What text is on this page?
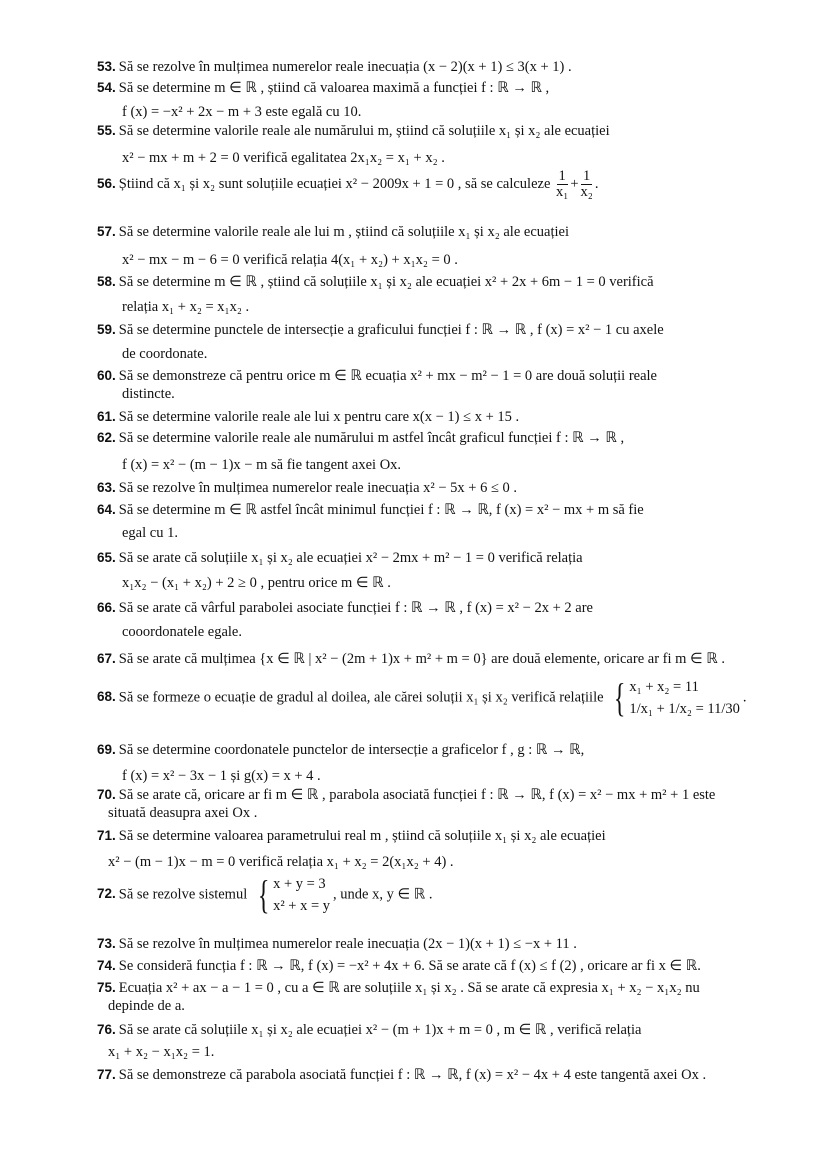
53. Să se rezolve în mulțimea numerelor reale inecuația (x − 2)(x + 1) ≤ 3(x + 1) .
54. Să se determine m ∈ ℝ , știind că valoarea maximă a funcției f : ℝ → ℝ ,
f (x) = −x² + 2x − m + 3 este egală cu 10.
55. Să se determine valorile reale ale numărului m, știind că soluțiile x₁ și x₂ ale ecuației
x² − mx + m + 2 = 0 verifică egalitatea 2x₁x₂ = x₁ + x₂ .
56. Știind că x₁ și x₂ sunt soluțiile ecuației x² − 2009x + 1 = 0 , să se calculeze $\frac{1}{\text{x₁}} + \frac{1}{\text{x₂}}$ .
57. Să se determine valorile reale ale lui m , știind că soluțiile x₁ și x₂ ale ecuației
x² − mx − m − 6 = 0 verifică relația 4(x₁ + x₂) + x₁x₂ = 0 .
58. Să se determine m ∈ ℝ , știind că soluțiile x₁ și x₂ ale ecuației x² + 2x + 6m − 1 = 0 verifică
relația x₁ + x₂ = x₁x₂ .
59. Să se determine punctele de intersecție a graficului funcției f : ℝ → ℝ , f (x) = x² − 1 cu axele
de coordonate.
60. Să se demonstreze că pentru orice m ∈ ℝ ecuația x² + mx − m² − 1 = 0 are două soluții reale
distincte.
61. Să se determine valorile reale ale lui x pentru care x(x − 1) ≤ x + 15 .
62. Să se determine valorile reale ale numărului m astfel încât graficul funcției f : ℝ → ℝ ,
f (x) = x² − (m − 1)x − m să fie tangent axei Ox.
63. Să se rezolve în mulțimea numerelor reale inecuația x² − 5x + 6 ≤ 0 .
64. Să se determine m ∈ ℝ astfel încât minimul funcției f : ℝ → ℝ, f (x) = x² − mx + m să fie
egal cu 1.
65. Să se arate că soluțiile x₁ și x₂ ale ecuației x² − 2mx + m² − 1 = 0 verifică relația
x₁x₂ − (x₁ + x₂) + 2 ≥ 0 , pentru orice m ∈ ℝ .
66. Să se arate că vârful parabolei asociate funcției f : ℝ → ℝ , f (x) = x² − 2x + 2 are
cooordonatele egale.
67. Să se arate că mulțimea {x ∈ ℝ | x² − (2m + 1)x + m² + m = 0} are două elemente, oricare ar fi m ∈ ℝ .
68. Să se formeze o ecuație de gradul al doilea, ale cărei soluții x₁ și x₂ verifică relațiile { x₁ + x₂ = 11
1/x₁ + 1/x₂ = 11/30
.
69. Să se determine coordonatele punctelor de intersecție a graficelor f , g : ℝ → ℝ,
f (x) = x² − 3x − 1 și g(x) = x + 4 .
70. Să se arate că, oricare ar fi m ∈ ℝ , parabola asociată funcției f : ℝ → ℝ, f (x) = x² − mx + m² + 1 este
situată deasupra axei Ox .
71. Să se determine valoarea parametrului real m , știind că soluțiile x₁ și x₂ ale ecuației
x² − (m − 1)x − m = 0 verifică relația x₁ + x₂ = 2(x₁x₂ + 4) .
72. Să se rezolve sistemul { x + y = 3
x² + x = y
, unde x, y ∈ ℝ .
73. Să se rezolve în mulțimea numerelor reale inecuația (2x − 1)(x + 1) ≤ −x + 11 .
74. Se consideră funcția f : ℝ → ℝ, f (x) = −x² + 4x + 6. Să se arate că f (x) ≤ f (2) , oricare ar fi x ∈ ℝ.
75. Ecuația x² + ax − a − 1 = 0 , cu a ∈ ℝ are soluțiile x₁ și x₂ . Să se arate că expresia x₁ + x₂ − x₁x₂ nu
depinde de a.
76. Să se arate că soluțiile x₁ și x₂ ale ecuației x² − (m + 1)x + m = 0 , m ∈ ℝ , verifică relația
x₁ + x₂ − x₁x₂ = 1.
77. Să se demonstreze că parabola asociată funcției f : ℝ → ℝ, f (x) = x² − 4x + 4 este tangentă axei Ox .
